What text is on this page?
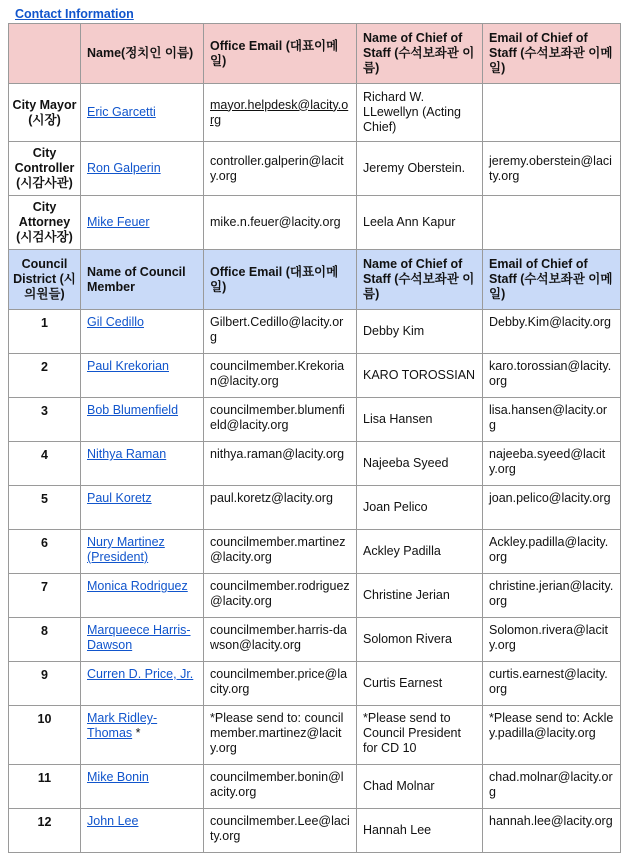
Contact Information
	Name(정치인 이름)	Office Email (대표이메일)	Name of Chief of Staff (수석보좌관 이름)	Email of Chief of Staff (수석보좌관 이메일)
City Mayor (시장)	Eric Garcetti	mayor.helpdesk@lacity.org	Richard W. LLewellyn (Acting Chief)	
City Controller (시감사관)	Ron Galperin	controller.galperin@lacity.org	Jeremy Oberstein.	jeremy.oberstein@lacity.org
City Attorney (시검사장)	Mike Feuer	mike.n.feuer@lacity.org	Leela Ann Kapur	
Council District (시의원들)	Name of Council Member	Office Email (대표이메일)	Name of Chief of Staff (수석보좌관 이름)	Email of Chief of Staff (수석보좌관 이메일)
1	Gil Cedillo	Gilbert.Cedillo@lacity.org	Debby Kim	Debby.Kim@lacity.org
2	Paul Krekorian	councilmember.Krekorian@lacity.org	KARO TOROSSIAN	karo.torossian@lacity.org
3	Bob Blumenfield	councilmember.blumenfield@lacity.org	Lisa Hansen	lisa.hansen@lacity.org
4	Nithya Raman	nithya.raman@lacity.org	Najeeba Syeed	najeeba.syeed@lacity.org
5	Paul Koretz	paul.koretz@lacity.org	Joan Pelico	joan.pelico@lacity.org
6	Nury Martinez (President)	councilmember.martinez@lacity.org	Ackley Padilla	Ackley.padilla@lacity.org
7	Monica Rodriguez	councilmember.rodriguez@lacity.org	Christine Jerian	christine.jerian@lacity.org
8	Marqueece Harris-Dawson	councilmember.harris-dawson@lacity.org	Solomon Rivera	Solomon.rivera@lacity.org
9	Curren D. Price, Jr.	councilmember.price@lacity.org	Curtis Earnest	curtis.earnest@lacity.org
10	Mark Ridley-Thomas *	*Please send to: councilmember.martinez@lacity.org	*Please send to Council President for CD 10	*Please send to: Ackley.padilla@lacity.org
11	Mike Bonin	councilmember.bonin@lacity.org	Chad Molnar	chad.molnar@lacity.org
12	John Lee	councilmember.Lee@lacity.org	Hannah Lee	hannah.lee@lacity.org
